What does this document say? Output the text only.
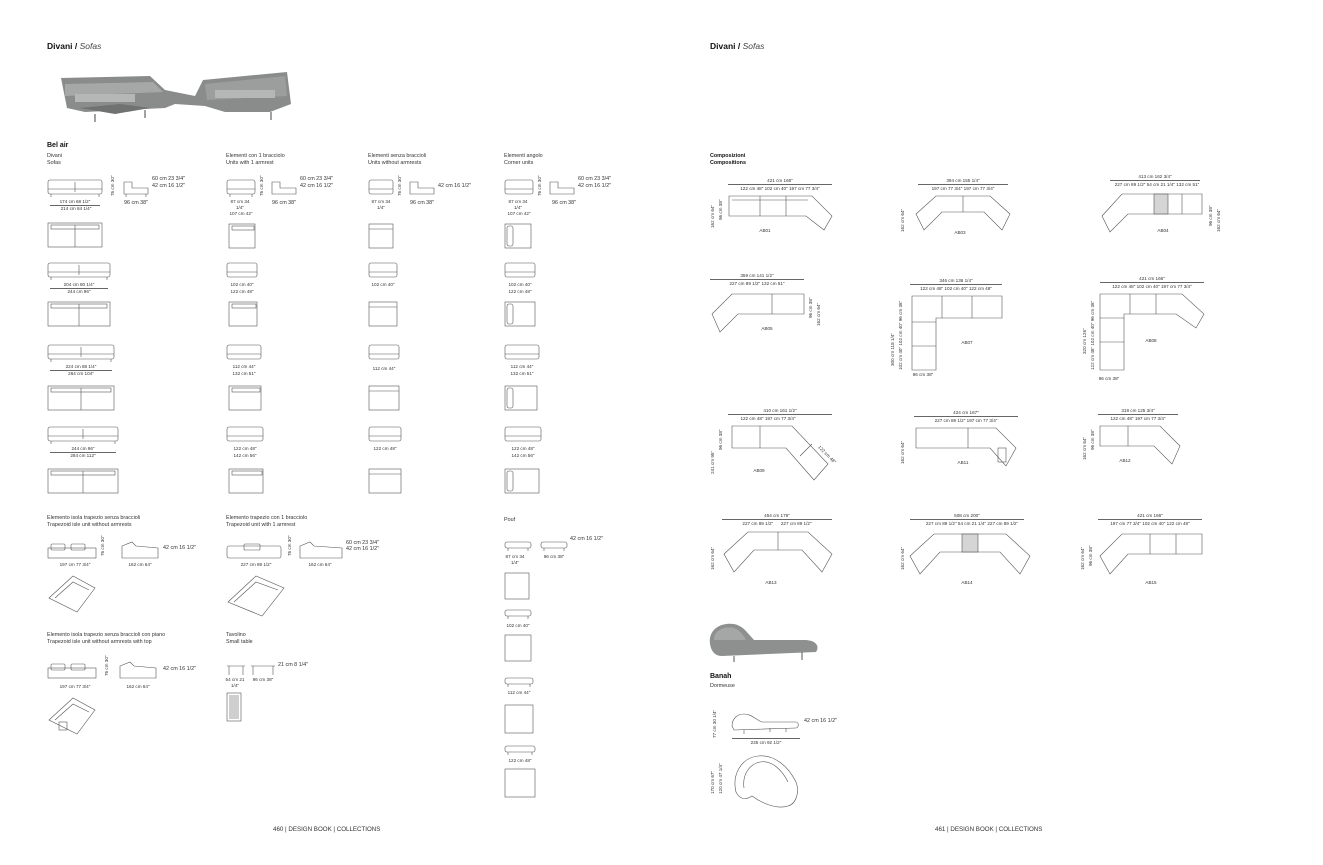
Divani / Sofas
Bel air
Divani
Sofas
Elementi con 1 bracciolo
Units with 1 armrest
Elementi senza braccioli
Units without armrests
Elementi angolo
Corner units
174 cm 68 1/2"
214 cm 84 1/4"
76 cm 30"	60 cm 23 3/4"
42 cm 16 1/2"
96 cm 38"
204 cm 80 1/4"
244 cm 96"
224 cm 88 1/4"
264 cm 104"
244 cm 96"
284 cm 112"
76 cm 30"	60 cm 23 3/4"
42 cm 16 1/2"
96 cm 38"
87 cm 34 1/4"
107 cm 42"
102 cm 40"
122 cm 48"
112 cm 44"
132 cm 51"
122 cm 48"
142 cm 56"
76 cm 30"	42 cm 16 1/2"
96 cm 38"
87 cm 34 1/4"
102 cm 40"
112 cm 44"
122 cm 48"
76 cm 30"	60 cm 23 3/4"
42 cm 16 1/2"
96 cm 38"
87 cm 34 1/4"
107 cm 42"
102 cm 40"
122 cm 48"
112 cm 44"
132 cm 51"
122 cm 48"
142 cm 56"
Elemento isola trapezio senza braccioli
Trapezoid isle unit without armrests
76 cm 30"	42 cm 16 1/2"
197 cm 77 3/4"	162 cm 64"
Elemento trapezio con 1 bracciolo
Trapezoid unit with 1 armrest
76 cm 30"	60 cm 23 3/4"
42 cm 16 1/2"
227 cm 89 1/2"	162 cm 64"
Elemento isola trapezio senza braccioli con piano
Trapezoid isle unit without armrests with top
76 cm 30"	42 cm 16 1/2"
197 cm 77 3/4"	162 cm 64"
Tavolino
Small table
21 cm 8 1/4"
54 cm 21 1/4"
96 cm 38"
Pouf
42 cm 16 1/2"
87 cm 34 1/4"
96 cm 38"
102 cm 40"
112 cm 44"
122 cm 48"
460 | DESIGN BOOK | COLLECTIONS
Divani / Sofas
Composizioni
Compositions
421 cm 166"
122 cm 48" 102 cm 40" 197 cm 77 3/4"
162 cm 64" 96 cm 38"
AB01
394 cm 155 1/4"
197 cm 77 3/4" 197 cm 77 3/4"
162 cm 64"
AB03
413 cm 162 3/4"
227 cm 89 1/2" 54 cm 21 1/4" 132 cm 51"
96 cm 38" 162 cm 64"
AB04
359 cm 141 1/2"
227 cm 89 1/2" 132 cm 51"
96 cm 38" 162 cm 64"
AB05
346 cm 136 1/4"
122 cm 48" 102 cm 40" 122 cm 48"
300 cm 118 1/4" 102 cm 40" 102 cm 40" 96 cm 38"	AB07
96 cm 38"
421 cm 166"
122 cm 48" 102 cm 40" 197 cm 77 3/4"
320 cm 126" 122 cm 48" 102 cm 40" 96 cm 38"	AB08
96 cm 38"
410 cm 161 1/2"
122 cm 48" 197 cm 77 3/4"
241 cm 95"
96 cm 38"
AB09
122 cm 48"
424 cm 167"
227 cm 89 1/2" 197 cm 77 3/4"
162 cm 64"	AB11
319 cm 125 3/4"
122 cm 48" 197 cm 77 3/4"
162 cm 64" 96 cm 38"
AB12
454 cm 179"
227 cm 89 1/2" 227 cm 89 1/2"
162 cm 64"
AB13
508 cm 200"
227 cm 89 1/2" 54 cm 21 1/4" 227 cm 89 1/2"
162 cm 64"
AB14
421 cm 166"
197 cm 77 3/4" 102 cm 40" 122 cm 48"
162 cm 64" 96 cm 38"
AB15
Banah
Dormeuse
77 cm 30 1/4"	42 cm 16 1/2"
235 cm 92 1/2"
170 cm 67" 120 cm 47 1/4"
461 | DESIGN BOOK | COLLECTIONS
